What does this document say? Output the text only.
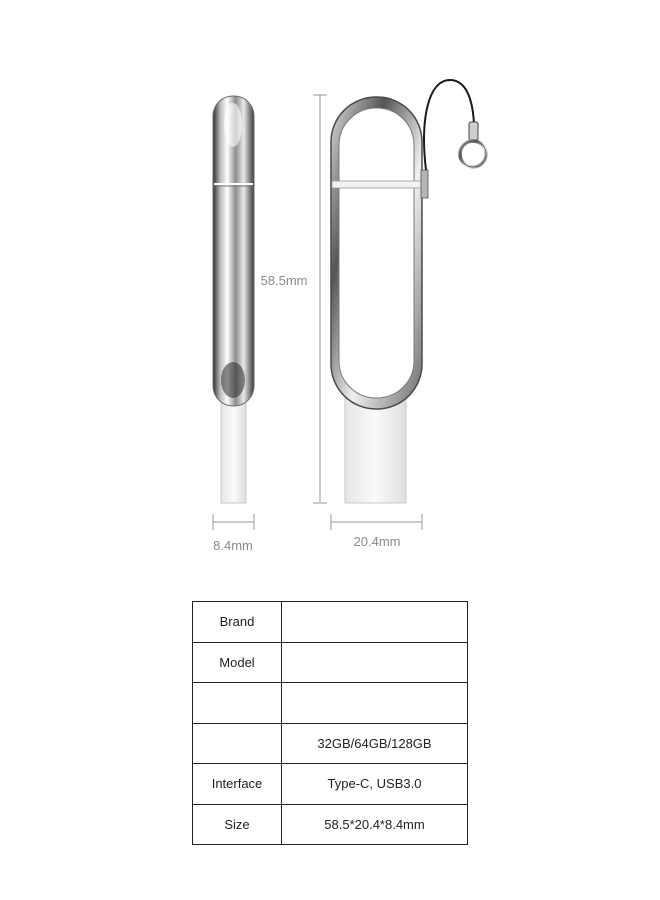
58.5mm
8.4mm	20.4mm
Brand	
Model	

	32GB/64GB/128GB
Interface	Type-C, USB3.0
Size	58.5*20.4*8.4mm
